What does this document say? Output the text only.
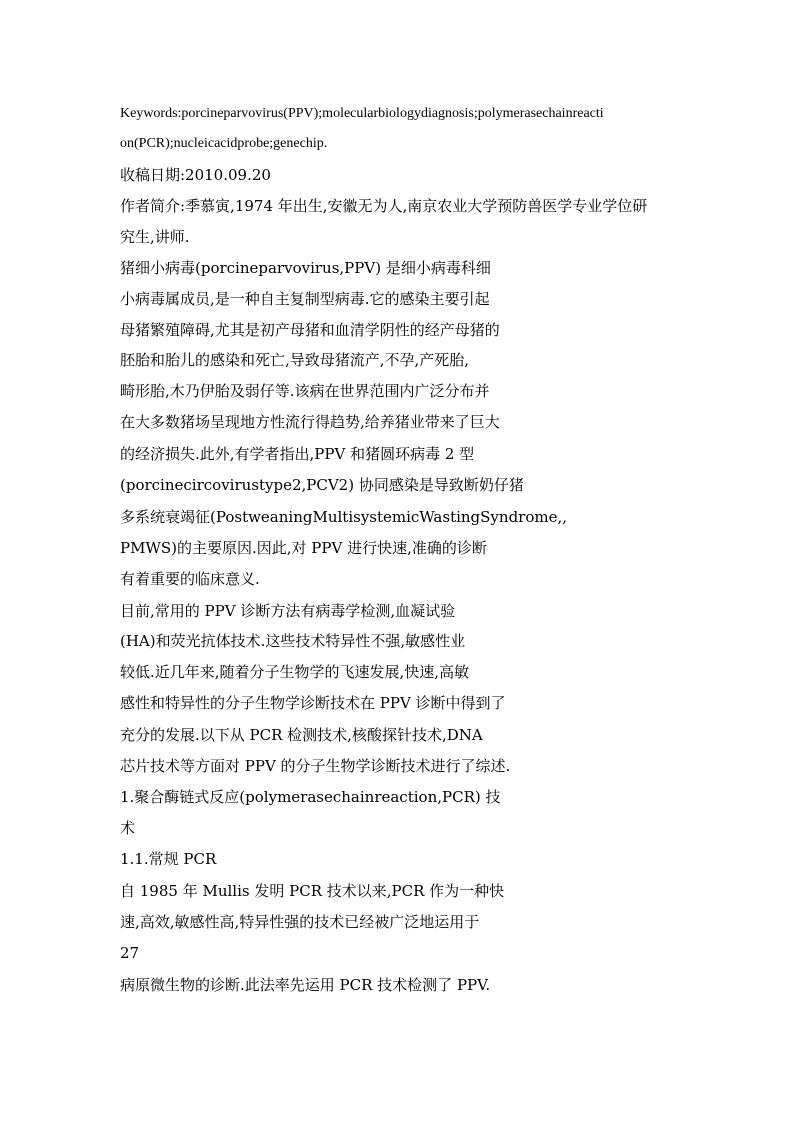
Keywords:porcineparvovirus(PPV);molecularbiologydiagnosis;polymerasechainreacti

on(PCR);nucleicacidprobe;genechip.

收稿日期:2010.09.20

作者简介:季慕寅,1974 年出生,安徽无为人,南京农业大学预防兽医学专业学位研

究生,讲师.

猪细小病毒(porcineparvovirus,PPV) 是细小病毒科细

小病毒属成员,是一种自主复制型病毒.它的感染主要引起

母猪繁殖障碍,尤其是初产母猪和血清学阴性的经产母猪的

胚胎和胎儿的感染和死亡,导致母猪流产,不孕,产死胎,

畸形胎,木乃伊胎及弱仔等.该病在世界范围内广泛分布并

在大多数猪场呈现地方性流行得趋势,给养猪业带来了巨大

的经济损失.此外,有学者指出,PPV 和猪圆环病毒 2 型

(porcinecircovirustype2,PCV2) 协同感染是导致断奶仔猪

多系统衰竭征(PostweaningMultisystemicWastingSyndrome,,

PMWS)的主要原因.因此,对 PPV 进行快速,准确的诊断

有着重要的临床意义.

目前,常用的 PPV 诊断方法有病毒学检测,血凝试验

(HA)和荧光抗体技术.这些技术特异性不强,敏感性业

较低.近几年来,随着分子生物学的飞速发展,快速,高敏

感性和特异性的分子生物学诊断技术在 PPV 诊断中得到了

充分的发展.以下从 PCR 检测技术,核酸探针技术,DNA

芯片技术等方面对 PPV 的分子生物学诊断技术进行了综述.

1.聚合酶链式反应(polymerasechainreaction,PCR) 技

术

1.1.常规 PCR

自 1985 年 Mullis 发明 PCR 技术以来,PCR 作为一种快

速,高效,敏感性高,特异性强的技术已经被广泛地运用于

27

病原微生物的诊断.此法率先运用 PCR 技术检测了 PPV.
